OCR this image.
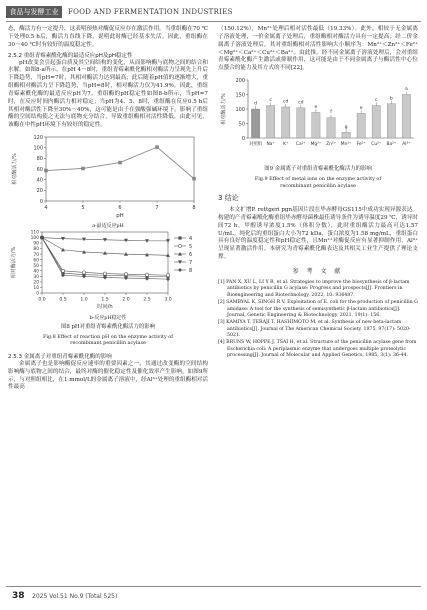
食品与发酵工业	FOOD AND FERMENTATION INDUSTRIES

态，酶活力有一定提升，这表明预热对酶促反应存在激活作用。当重组酶在70 ℃下处理0.5 h后，酶活力直线下降，说明此时酶已经基本失活。因此，重组酶在30～40 ℃时有较好的温度稳定性。

2.5.2 重组青霉素酰化酶的最适反应pH及pH稳定性

pH改变会引起蛋白质及其空间结构的变化，从而影响酶与底物之间的结合和水解。如图8-a所示，在pH 4～8时，重组青霉素酰化酶相对酶活力呈现先上升后下降趋势，当pH=7时，其相对酶活力达到最高；此后随着pH值的逐渐增大，重组酶相对酶活力呈下降趋势，当pH=8时，相对酶活力仅为41.9%。因此，重组青霉素酰化酶的最适反应pH为7。重组酶的pH稳定性如图8-b所示，当pH=7时，在反应时间内酶活力相对稳定；当pH为4、5、8时，重组酶在反应0.5 h后其相对酶活性下降至30%～40%，这可能是由于在强酸强碱环境下，影响了重组酶的空间结构使之无法与底物充分结合，导致重组酶相对活性降低。由此可见，该酶在中性pH环境下有较好的稳定性。

0
20
40
60
80
100
120
4	5	6	7	8
pH
相对酶活力/%
a-最适反应pH
0
10
20
30
40
50
60
70
80
90
100
110
0.0	0.5	1.0	1.5	2.0	2.5	3.0
时间/h
相对酶活力/%
4
5
6
7
8
b-反应pH稳定性
图8 pH对重组青霉素酰化酶活力的影响
Fig.8 Effect of reaction pH on the enzyme activity of
recombinant penicillin acylase
2.5.3 金属离子对重组青霉素酰化酶的影响

金属离子也是影响酶促反应速率的重要因素之一，其通过改变酶的空间结构影响酶与底物之间的结合，最终对酶的催化稳定性及催化效率产生影响。如图9所示，与对照组相比，在1 mmol/L的金属离子溶液中，经Al³⁺处理的重组酶相对活性最高

（150.12%），Mn²⁺处理后相对活性最低（19.33%）。此外，相较于无金属离子溶液处理，一价金属离子处理后，重组酶相对酶活力具有一定提高；经二价金属离子溶液处理后，其对重组酶相对活性影响大小顺序为：Mn²⁺＜Zn²⁺＜Fe²⁺＜Mg²⁺＜Ca²⁺＜Cu²⁺＜Ba²⁺。由此推，经不同金属离子溶液处理后，会对重组青霉素酰化酶产生激活或抑制作用，这可能是由于不同金属离子与酶活性中心位点螯合的能力及其方式的不同[22]。

0
50
100
150
200
相对酶活力/%	d
对照组
c
Na⁺
cd
K⁺
cd
Ca²⁺
e
Mg²⁺
f
Zn²⁺
g
Mn²⁺
e
Fe²⁺
c
Cu²⁺
b
Ba²⁺
a
Al³⁺
图9 金属离子对重组青霉素酰化酶活力的影响
Fig.9 Effect of metal ions on the enzyme activity of
recombinant penicillin acylase
3 结论

本文扩增P. rettgeri pgn基因片段在毕赤酵母GS115中成功实现异源表达。构建的产青霉素酰化酶重组毕赤酵母菌株最佳诱导条件为诱导温度29 ℃，诱导时间72 h，甲醇诱导浓度1.5%（体积分数），此时重组酶活力最高可达1.57 U/mL。纯化后的重组蛋白大小为72 kDa，蛋白浓度为1.58 mg/mL，重组蛋白具有良好的温度稳定性和pH稳定性，且Mn²⁺对酶促反应有显著抑制作用，Al³⁺呈现显著激活作用。本研究为青霉素酰化酶表达及其相关工业生产提供了理论支撑。

参 考 文 献
[1] PAN X, XU L, LI Y R, et al. Strategies to improve the biosynthesis of β-lactam antibiotics by penicillin G acylase: Progress and prospects[J]. Frontiers in Bioengineering and Biotechnology, 2022, 10: 936487.
[2] SAMBYAL K, SINGH R V. Exploitation of E. coli for the production of penicillin G amidase: A tool for the synthesis of semisynthetic β-lactam antibiotics[J]. Journal, Genetic Engineering & Biotechnology, 2021, 19(1): 156.
[3] KAMIYA T, TERAJI T, HASHIMOTO M, et al. Synthesis of new beta-lactam antibiotics[J]. Journal of The American Chemical Society, 1975, 97(17): 5020-5021.
[4] BRUNS W, HOPPE J, TSAI H, et al. Structure of the penicillin acylase gene from Escherichia coli: A periplasmic enzyme that undergoes multiple proteolytic processing[J]. Journal of Molecular and Applied Genetics, 1985, 3(1): 36-44.
38 2025 Vol.51 No.9 (Total 525)
